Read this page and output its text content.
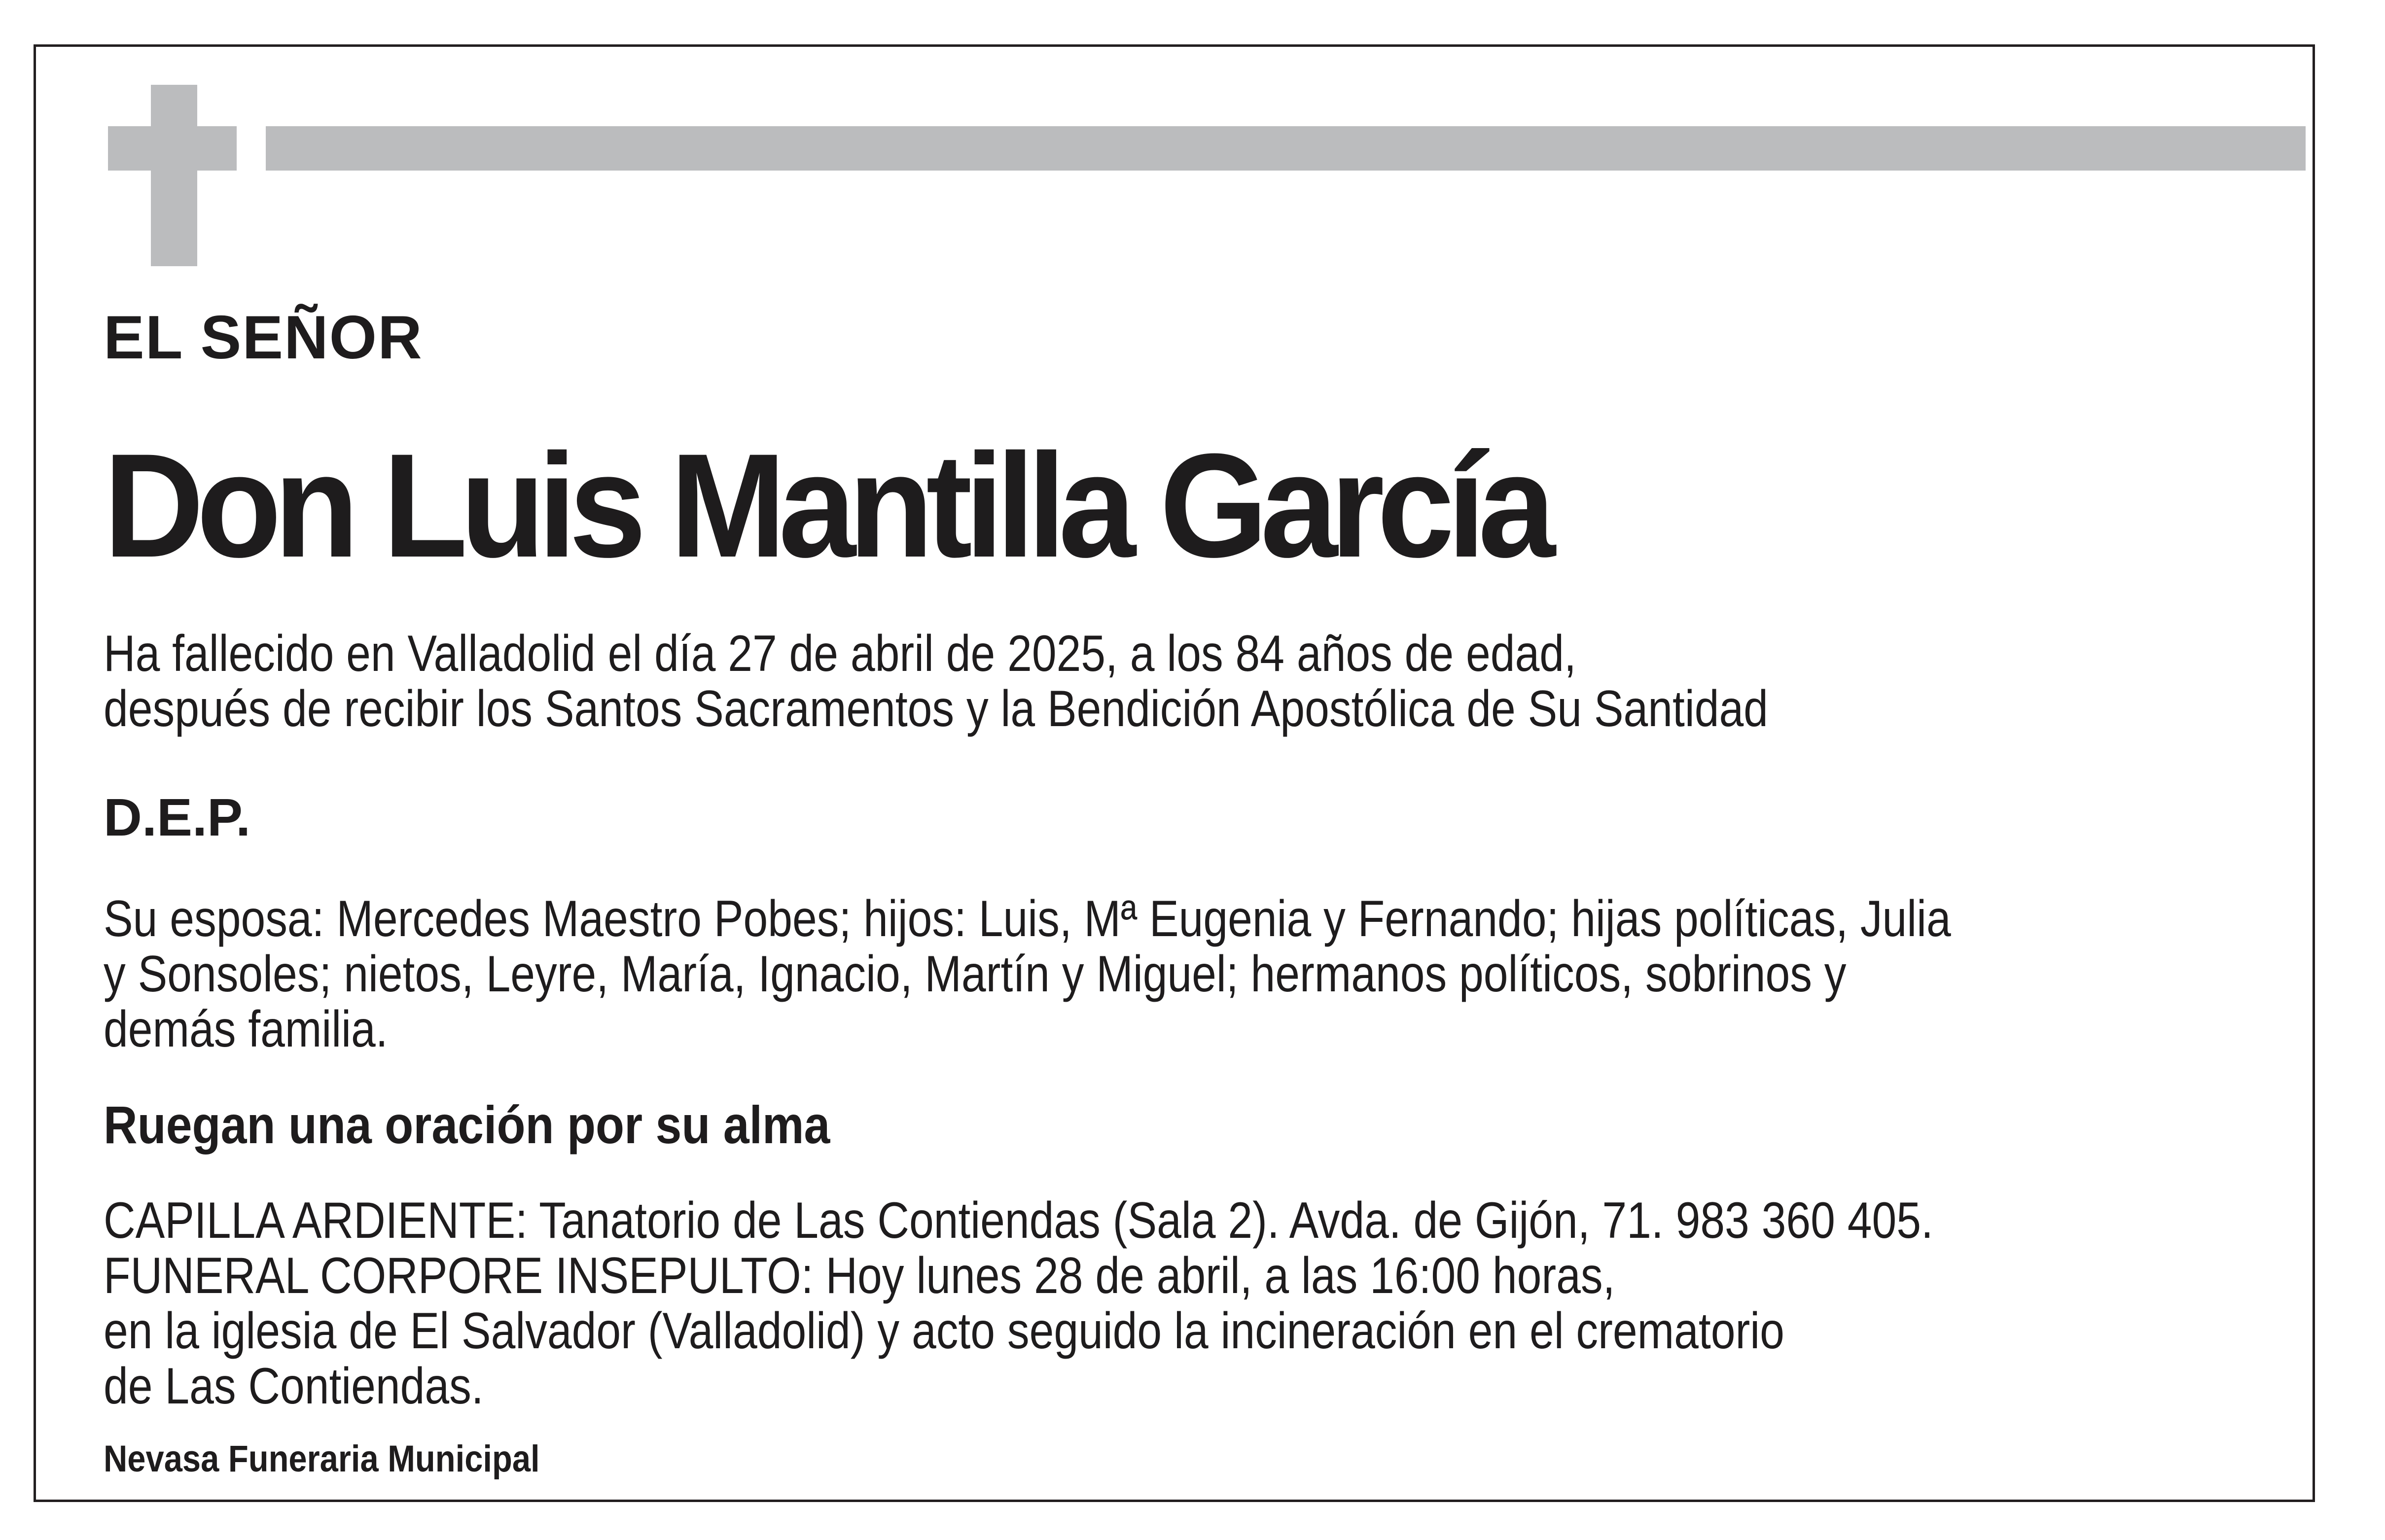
EL SEÑOR

Don Luis Mantilla García

Ha fallecido en Valladolid el día 27 de abril de 2025, a los 84 años de edad,
después de recibir los Santos Sacramentos y la Bendición Apostólica de Su Santidad

D.E.P.

Su esposa: Mercedes Maestro Pobes; hijos: Luis, Mª Eugenia y Fernando; hijas políticas, Julia
y Sonsoles; nietos, Leyre, María, Ignacio, Martín y Miguel; hermanos políticos, sobrinos y
demás familia.

Ruegan una oración por su alma

CAPILLA ARDIENTE: Tanatorio de Las Contiendas (Sala 2). Avda. de Gijón, 71. 983 360 405.
FUNERAL CORPORE INSEPULTO: Hoy lunes 28 de abril, a las 16:00 horas,
en la iglesia de El Salvador (Valladolid) y acto seguido la incineración en el crematorio
de Las Contiendas.

Nevasa Funeraria Municipal
